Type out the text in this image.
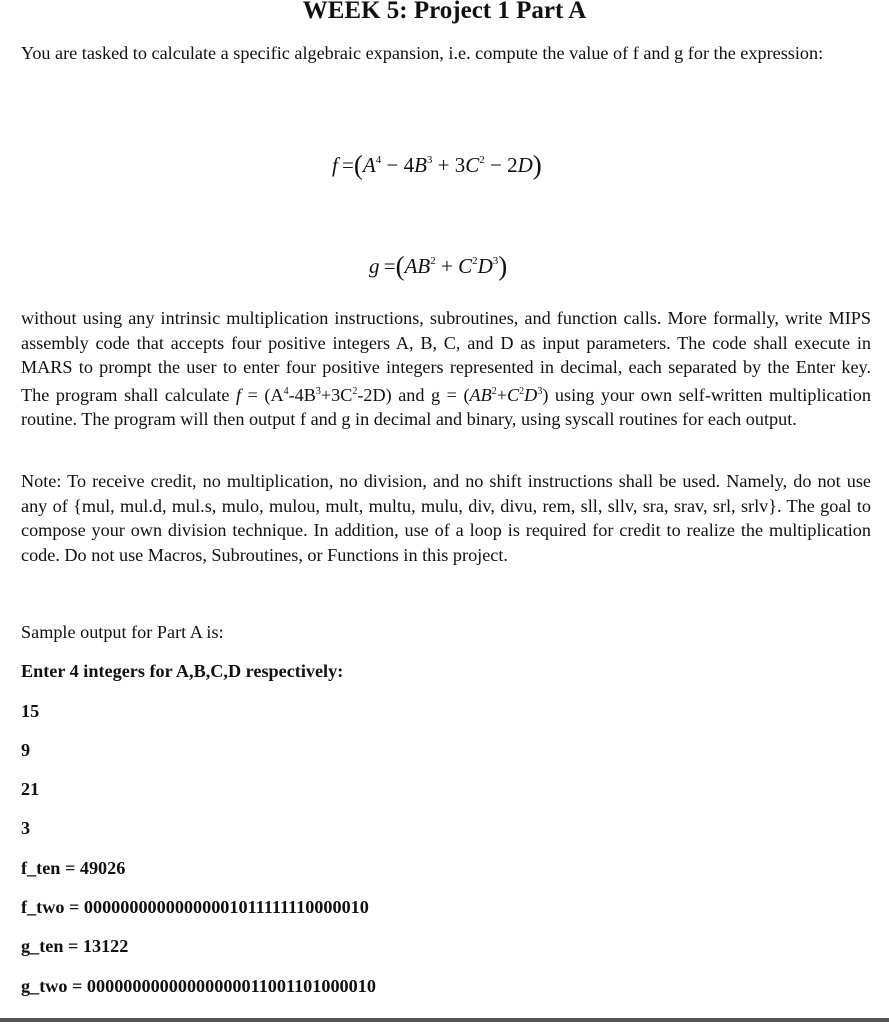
WEEK 5: Project 1 Part A

You are tasked to calculate a specific algebraic expansion, i.e. compute the value of f and g for the expression:

$f =(A^4 - 4B^3 + 3C^2 - 2D)$
$g =(AB^2 + C^2D^3)$

without using any intrinsic multiplication instructions, subroutines, and function calls. More formally, write MIPS assembly code that accepts four positive integers A, B, C, and D as input parameters. The code shall execute in MARS to prompt the user to enter four positive integers represented in decimal, each separated by the Enter key. The program shall calculate $f = (A^4-4B^3+3C^2-2D)$ and $g = (AB^2+C^2D^3)$ using your own self-written multiplication routine. The program will then output f and g in decimal and binary, using syscall routines for each output.

Note: To receive credit, no multiplication, no division, and no shift instructions shall be used. Namely, do not use any of {mul, mul.d, mul.s, mulo, mulou, mult, multu, mulu, div, divu, rem, sll, sllv, sra, srav, srl, srlv}. The goal to compose your own division technique. In addition, use of a loop is required for credit to realize the multiplication code. Do not use Macros, Subroutines, or Functions in this project.

Sample output for Part A is:
Enter 4 integers for A,B,C,D respectively:
15
9
21
3
f_ten = 49026
f_two = 00000000000000001011111110000010
g_ten = 13122
g_two = 00000000000000000011001101000010
